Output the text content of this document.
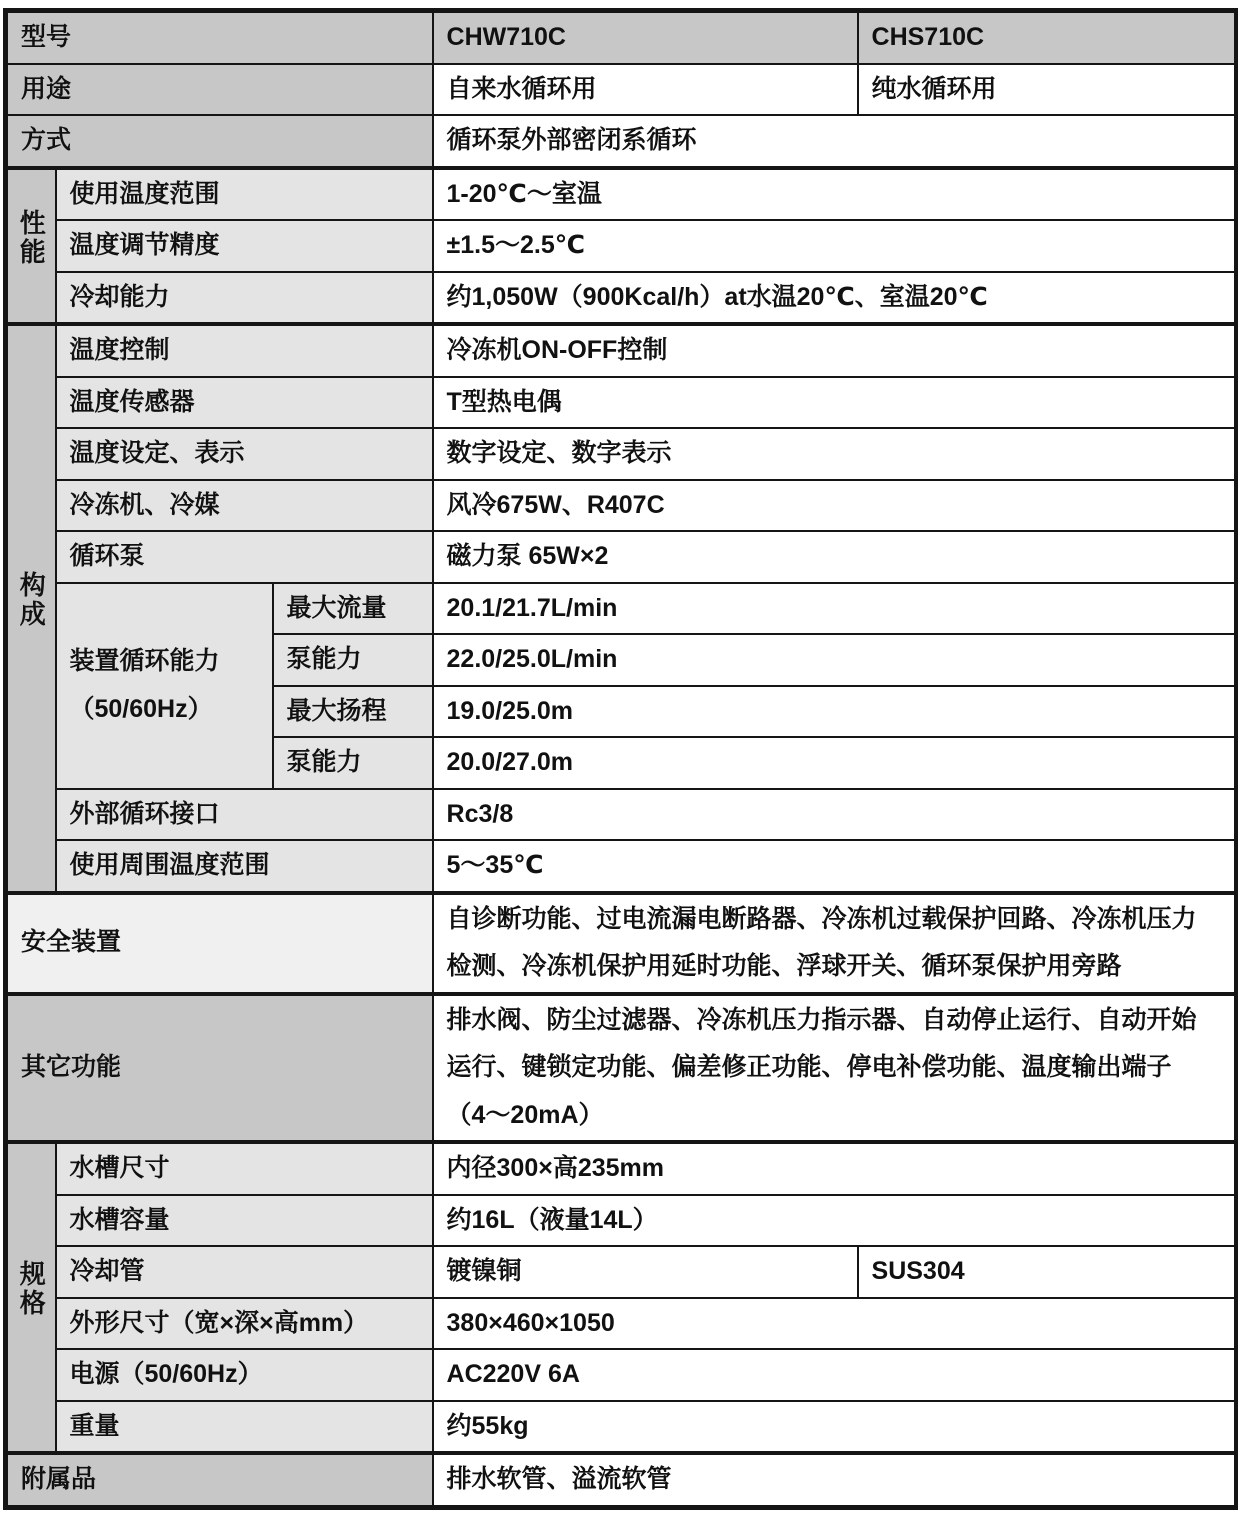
型号			CHW710C	CHS710C
用途			自来水循环用	纯水循环用
方式			循环泵外部密闭系循环	
性能	使用温度范围		1-20℃～室温	
	温度调节精度		±1.5～2.5℃	
	冷却能力		约1,050W（900Kcal/h）at水温20℃、室温20℃	
构成	温度控制		冷冻机ON-OFF控制	
	温度传感器		T型热电偶	
	温度设定、表示		数字设定、数字表示	
	冷冻机、冷媒		风冷675W、R407C	
	循环泵		磁力泵 65W×2	
	装置循环能力（50/60Hz）	最大流量	20.1/21.7L/min	
		泵能力	22.0/25.0L/min	
		最大扬程	19.0/25.0m	
		泵能力	20.0/27.0m	
	外部循环接口		Rc3/8	
	使用周围温度范围		5～35℃	
安全装置			自诊断功能、过电流漏电断路器、冷冻机过载保护回路、冷冻机压力检测、冷冻机保护用延时功能、浮球开关、循环泵保护用旁路	
其它功能			排水阀、防尘过滤器、冷冻机压力指示器、自动停止运行、自动开始运行、键锁定功能、偏差修正功能、停电补偿功能、温度输出端子（4～20mA）	
规格	水槽尺寸		内径300×高235mm	
	水槽容量		约16L（液量14L）	
	冷却管		镀镍铜	SUS304
	外形尺寸（宽×深×高mm）		380×460×1050	
	电源（50/60Hz）		AC220V 6A	
	重量		约55kg	
附属品			排水软管、溢流软管	
